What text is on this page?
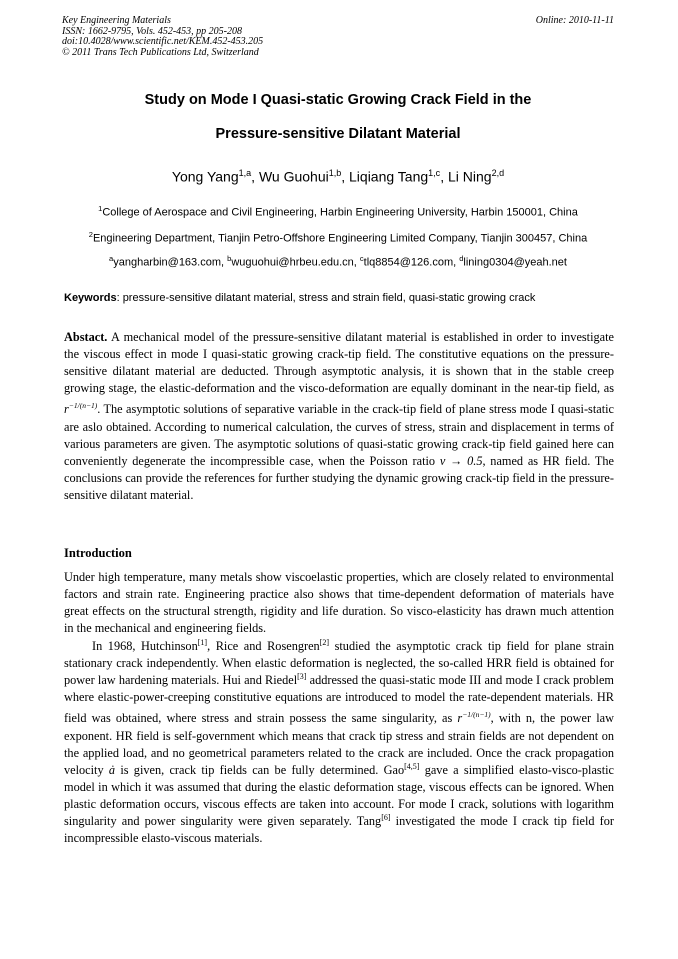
Key Engineering Materials
ISSN: 1662-9795, Vols. 452-453, pp 205-208
doi:10.4028/www.scientific.net/KEM.452-453.205
© 2011 Trans Tech Publications Ltd, Switzerland
Online: 2010-11-11
Study on Mode I Quasi-static Growing Crack Field in the
Pressure-sensitive Dilatant Material
Yong Yang$^{1,a}$, Wu Guohui$^{1,b}$, Liqiang Tang$^{1,c}$, Li Ning$^{2,d}$
$^1$College of Aerospace and Civil Engineering, Harbin Engineering University, Harbin 150001, China
$^2$Engineering Department, Tianjin Petro-Offshore Engineering Limited Company, Tianjin 300457, China
$^a$yangharbin@163.com, $^b$wuguohui@hrbeu.edu.cn, $^c$tlq8854@126.com, $^d$lining0304@yeah.net
Keywords: pressure-sensitive dilatant material, stress and strain field, quasi-static growing crack
Abstact. A mechanical model of the pressure-sensitive dilatant material is established in order to investigate the viscous effect in mode I quasi-static growing crack-tip field. The constitutive equations on the pressure-sensitive dilatant material are deducted. Through asymptotic analysis, it is shown that in the stable creep growing stage, the elastic-deformation and the visco-deformation are equally dominant in the near-tip field, as $r^{-1/(n-1)}$. The asymptotic solutions of separative variable in the crack-tip field of plane stress mode I quasi-static are aslo obtained. According to numerical calculation, the curves of stress, strain and displacement in terms of various parameters are given. The asymptotic solutions of quasi-static growing crack-tip field gained here can conveniently degenerate the incompressible case, when the Poisson ratio ν → 0.5, named as HR field. The conclusions can provide the references for further studying the dynamic growing crack-tip field in the pressure-sensitive dilatant material.
Introduction
Under high temperature, many metals show viscoelastic properties, which are closely related to environmental factors and strain rate. Engineering practice also shows that time-dependent deformation of materials have great effects on the structural strength, rigidity and life duration. So visco-elasticity has drawn much attention in the mechanical and engineering fields.
In 1968, Hutchinson[1], Rice and Rosengren[2] studied the asymptotic crack tip field for plane strain stationary crack independently. When elastic deformation is neglected, the so-called HRR field is obtained for power law hardening materials. Hui and Riedel[3] addressed the quasi-static mode III and mode I crack problem where elastic-power-creeping constitutive equations are introduced to model the rate-dependent materials. HR field was obtained, where stress and strain possess the same singularity, as $r^{-1/(n-1)}$, with n, the power law exponent. HR field is self-government which means that crack tip stress and strain fields are not dependent on the applied load, and no geometrical parameters related to the crack are included. Once the crack propagation velocity ȧ is given, crack tip fields can be fully determined. Gao[4,5] gave a simplified elasto-visco-plastic model in which it was assumed that during the elastic deformation stage, viscous effects can be ignored. When plastic deformation occurs, viscous effects are taken into account. For mode I crack, solutions with logarithm singularity and power singularity were given separately. Tang[6] investigated the mode I crack tip field for incompressible elasto-viscous materials.
